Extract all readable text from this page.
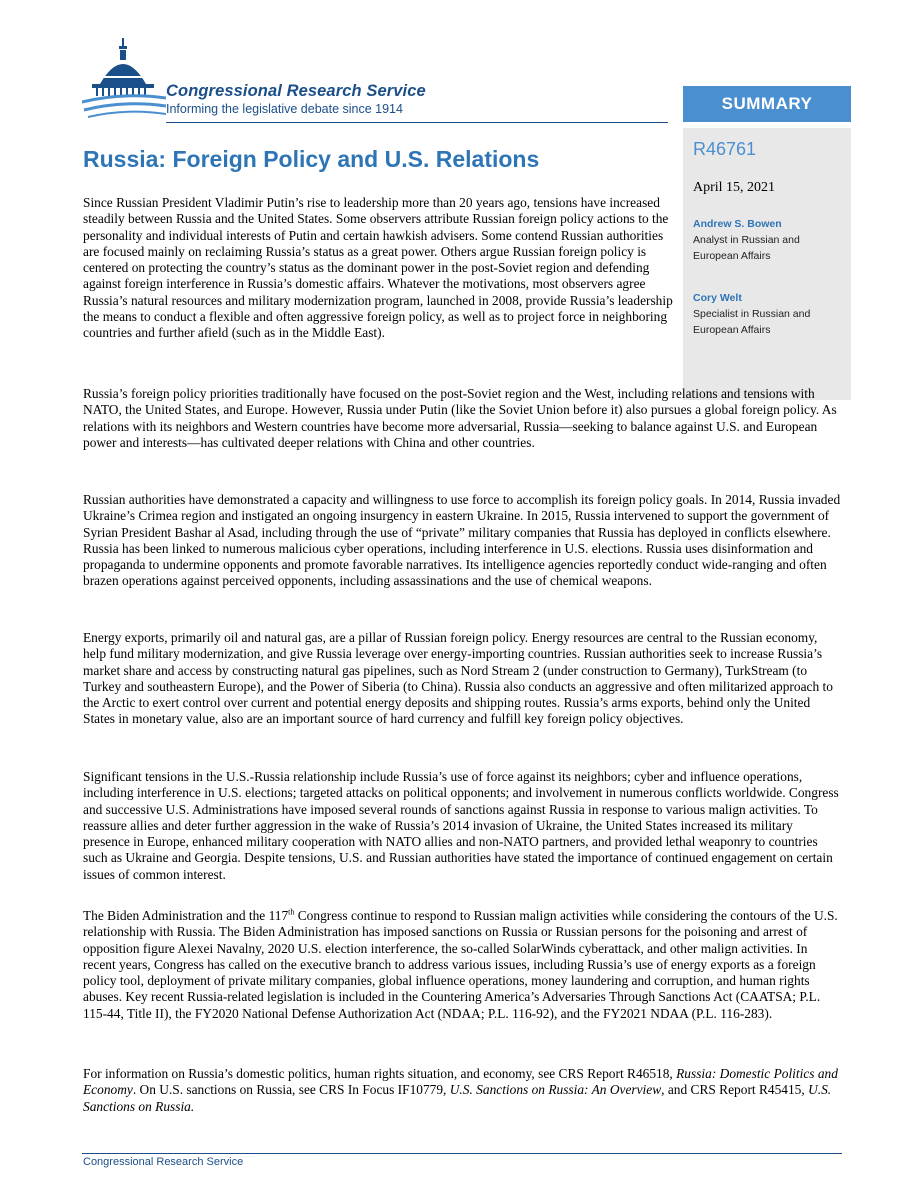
Congressional Research Service
Informing the legislative debate since 1914	SUMMARY
R46761
April 15, 2021
Andrew S. Bowen
Analyst in Russian and European Affairs
Cory Welt
Specialist in Russian and European Affairs
Russia: Foreign Policy and U.S. Relations

Since Russian President Vladimir Putin’s rise to leadership more than 20 years ago, tensions have increased steadily between Russia and the United States. Some observers attribute Russian foreign policy actions to the personality and individual interests of Putin and certain hawkish advisers. Some contend Russian authorities are focused mainly on reclaiming Russia’s status as a great power. Others argue Russian foreign policy is centered on protecting the country’s status as the dominant power in the post-Soviet region and defending against foreign interference in Russia’s domestic affairs. Whatever the motivations, most observers agree Russia’s natural resources and military modernization program, launched in 2008, provide Russia’s leadership the means to conduct a flexible and often aggressive foreign policy, as well as to project force in neighboring countries and further afield (such as in the Middle East).

Russia’s foreign policy priorities traditionally have focused on the post-Soviet region and the West, including relations and tensions with NATO, the United States, and Europe. However, Russia under Putin (like the Soviet Union before it) also pursues a global foreign policy. As relations with its neighbors and Western countries have become more adversarial, Russia—seeking to balance against U.S. and European power and interests—has cultivated deeper relations with China and other countries.

Russian authorities have demonstrated a capacity and willingness to use force to accomplish its foreign policy goals. In 2014, Russia invaded Ukraine’s Crimea region and instigated an ongoing insurgency in eastern Ukraine. In 2015, Russia intervened to support the government of Syrian President Bashar al Asad, including through the use of “private” military companies that Russia has deployed in conflicts elsewhere. Russia has been linked to numerous malicious cyber operations, including interference in U.S. elections. Russia uses disinformation and propaganda to undermine opponents and promote favorable narratives. Its intelligence agencies reportedly conduct wide-ranging and often brazen operations against perceived opponents, including assassinations and the use of chemical weapons.

Energy exports, primarily oil and natural gas, are a pillar of Russian foreign policy. Energy resources are central to the Russian economy, help fund military modernization, and give Russia leverage over energy-importing countries. Russian authorities seek to increase Russia’s market share and access by constructing natural gas pipelines, such as Nord Stream 2 (under construction to Germany), TurkStream (to Turkey and southeastern Europe), and the Power of Siberia (to China). Russia also conducts an aggressive and often militarized approach to the Arctic to exert control over current and potential energy deposits and shipping routes. Russia’s arms exports, behind only the United States in monetary value, also are an important source of hard currency and fulfill key foreign policy objectives.

Significant tensions in the U.S.-Russia relationship include Russia’s use of force against its neighbors; cyber and influence operations, including interference in U.S. elections; targeted attacks on political opponents; and involvement in numerous conflicts worldwide. Congress and successive U.S. Administrations have imposed several rounds of sanctions against Russia in response to various malign activities. To reassure allies and deter further aggression in the wake of Russia’s 2014 invasion of Ukraine, the United States increased its military presence in Europe, enhanced military cooperation with NATO allies and non-NATO partners, and provided lethal weaponry to countries such as Ukraine and Georgia. Despite tensions, U.S. and Russian authorities have stated the importance of continued engagement on certain issues of common interest.

The Biden Administration and the 117th Congress continue to respond to Russian malign activities while considering the contours of the U.S. relationship with Russia. The Biden Administration has imposed sanctions on Russia or Russian persons for the poisoning and arrest of opposition figure Alexei Navalny, 2020 U.S. election interference, the so-called SolarWinds cyberattack, and other malign activities. In recent years, Congress has called on the executive branch to address various issues, including Russia’s use of energy exports as a foreign policy tool, deployment of private military companies, global influence operations, money laundering and corruption, and human rights abuses. Key recent Russia-related legislation is included in the Countering America’s Adversaries Through Sanctions Act (CAATSA; P.L. 115-44, Title II), the FY2020 National Defense Authorization Act (NDAA; P.L. 116-92), and the FY2021 NDAA (P.L. 116-283).

For information on Russia’s domestic politics, human rights situation, and economy, see CRS Report R46518, Russia: Domestic Politics and Economy. On U.S. sanctions on Russia, see CRS In Focus IF10779, U.S. Sanctions on Russia: An Overview, and CRS Report R45415, U.S. Sanctions on Russia.

Congressional Research Service
